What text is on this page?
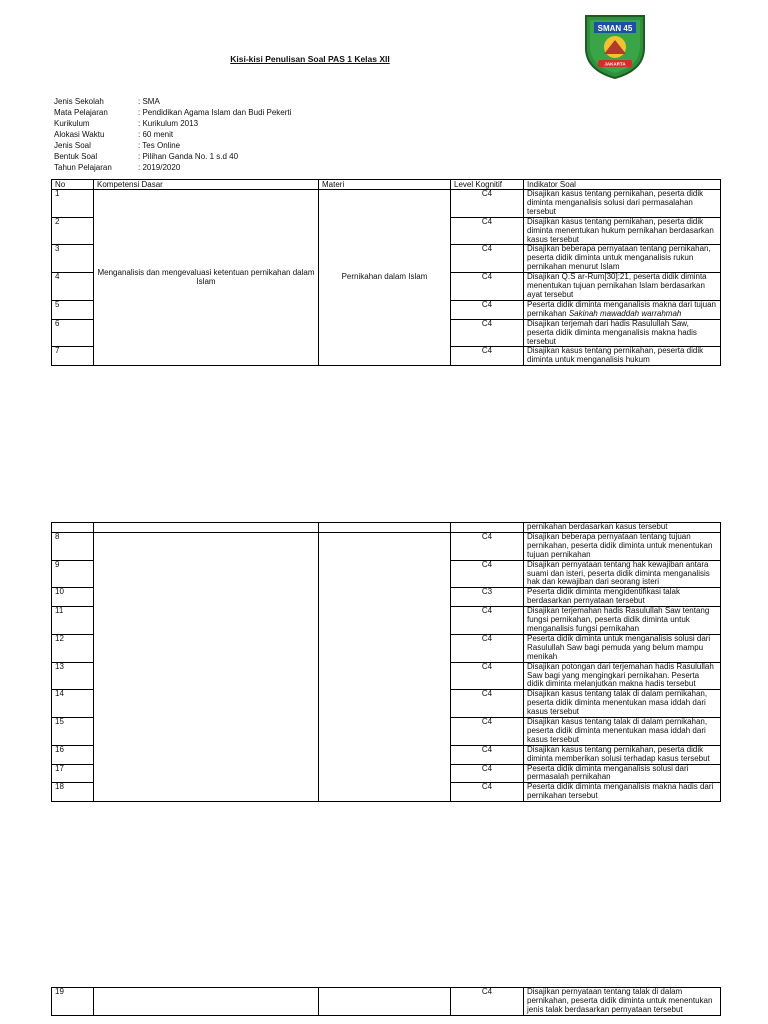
Kisi-kisi Penulisan Soal PAS 1 Kelas XII
SMAN 45
JAKARTA
Jenis Sekolah	: SMA
Mata Pelajaran	: Pendidikan Agama Islam dan Budi Pekerti
Kurikulum	: Kurikulum 2013
Alokasi Waktu	: 60 menit
Jenis Soal	: Tes Online
Bentuk Soal	: Pilihan Ganda No. 1 s.d 40
Tahun Pelajaran	: 2019/2020
No	Kompetensi Dasar	Materi	Level Kognitif	Indikator Soal
1	Menganalisis dan mengevaluasi ketentuan pernikahan dalam Islam	Pernikahan dalam Islam	C4	Disajikan kasus tentang pernikahan, peserta didik diminta menganalisis solusi dari permasalahan tersebut
2			C4	Disajikan kasus tentang pernikahan, peserta didik diminta menentukan hukum pernikahan berdasarkan kasus tersebut
3			C4	Disajikan beberapa pernyataan tentang pernikahan, peserta didik diminta untuk menganalisis rukun pernikahan menurut Islam
4			C4	Disajikan Q.S ar-Rum[30]:21, peserta didik diminta menentukan tujuan pernikahan Islam berdasarkan ayat tersebut
5			C4	Peserta didik diminta menganalisis makna dari tujuan pernikahan Sakinah mawaddah warrahmah
6			C4	Disajikan terjemah dari hadis Rasulullah Saw, peserta didik diminta menganalisis makna hadis tersebut
7			C4	Disajikan kasus tentang pernikahan, peserta didik diminta untuk menganalisis hukum
				pernikahan berdasarkan kasus tersebut
8			C4	Disajikan beberapa pernyataan tentang tujuan pernikahan, peserta didik diminta untuk menentukan tujuan pernikahan
9			C4	Disajikan pernyataan tentang hak kewajiban antara suami dan isteri, peserta didik diminta menganalisis hak dan kewajiban dari seorang isteri
10			C3	Peserta didik diminta mengidentifikasi talak berdasarkan pernyataan tersebut
11			C4	Disajikan terjemahan hadis Rasulullah Saw tentang fungsi pernikahan, peserta didik diminta untuk menganalisis fungsi pernikahan
12			C4	Peserta didik diminta untuk menganalisis solusi dari Rasulullah Saw bagi pemuda yang belum mampu menikah
13			C4	Disajikan potongan dari terjemahan hadis Rasulullah Saw bagi yang mengingkari pernikahan. Peserta didik diminta melanjutkan makna hadis tersebut
14			C4	Disajikan kasus tentang talak di dalam pernikahan, peserta didik diminta menentukan masa iddah dari kasus tersebut
15			C4	Disajikan kasus tentang talak di dalam pernikahan, peserta didik diminta menentukan masa iddah dari kasus tersebut
16			C4	Disajikan kasus tentang pernikahan, peserta didik diminta memberikan solusi terhadap kasus tersebut
17			C4	Peserta didik diminta menganalisis solusi dari permasalah pernikahan
18			C4	Peserta didik diminta menganalisis makna hadis dari pernikahan tersebut
19			C4	Disajikan pernyataan tentang talak di dalam pernikahan, peserta didik diminta untuk menentukan jenis talak berdasarkan pernyataan tersebut
